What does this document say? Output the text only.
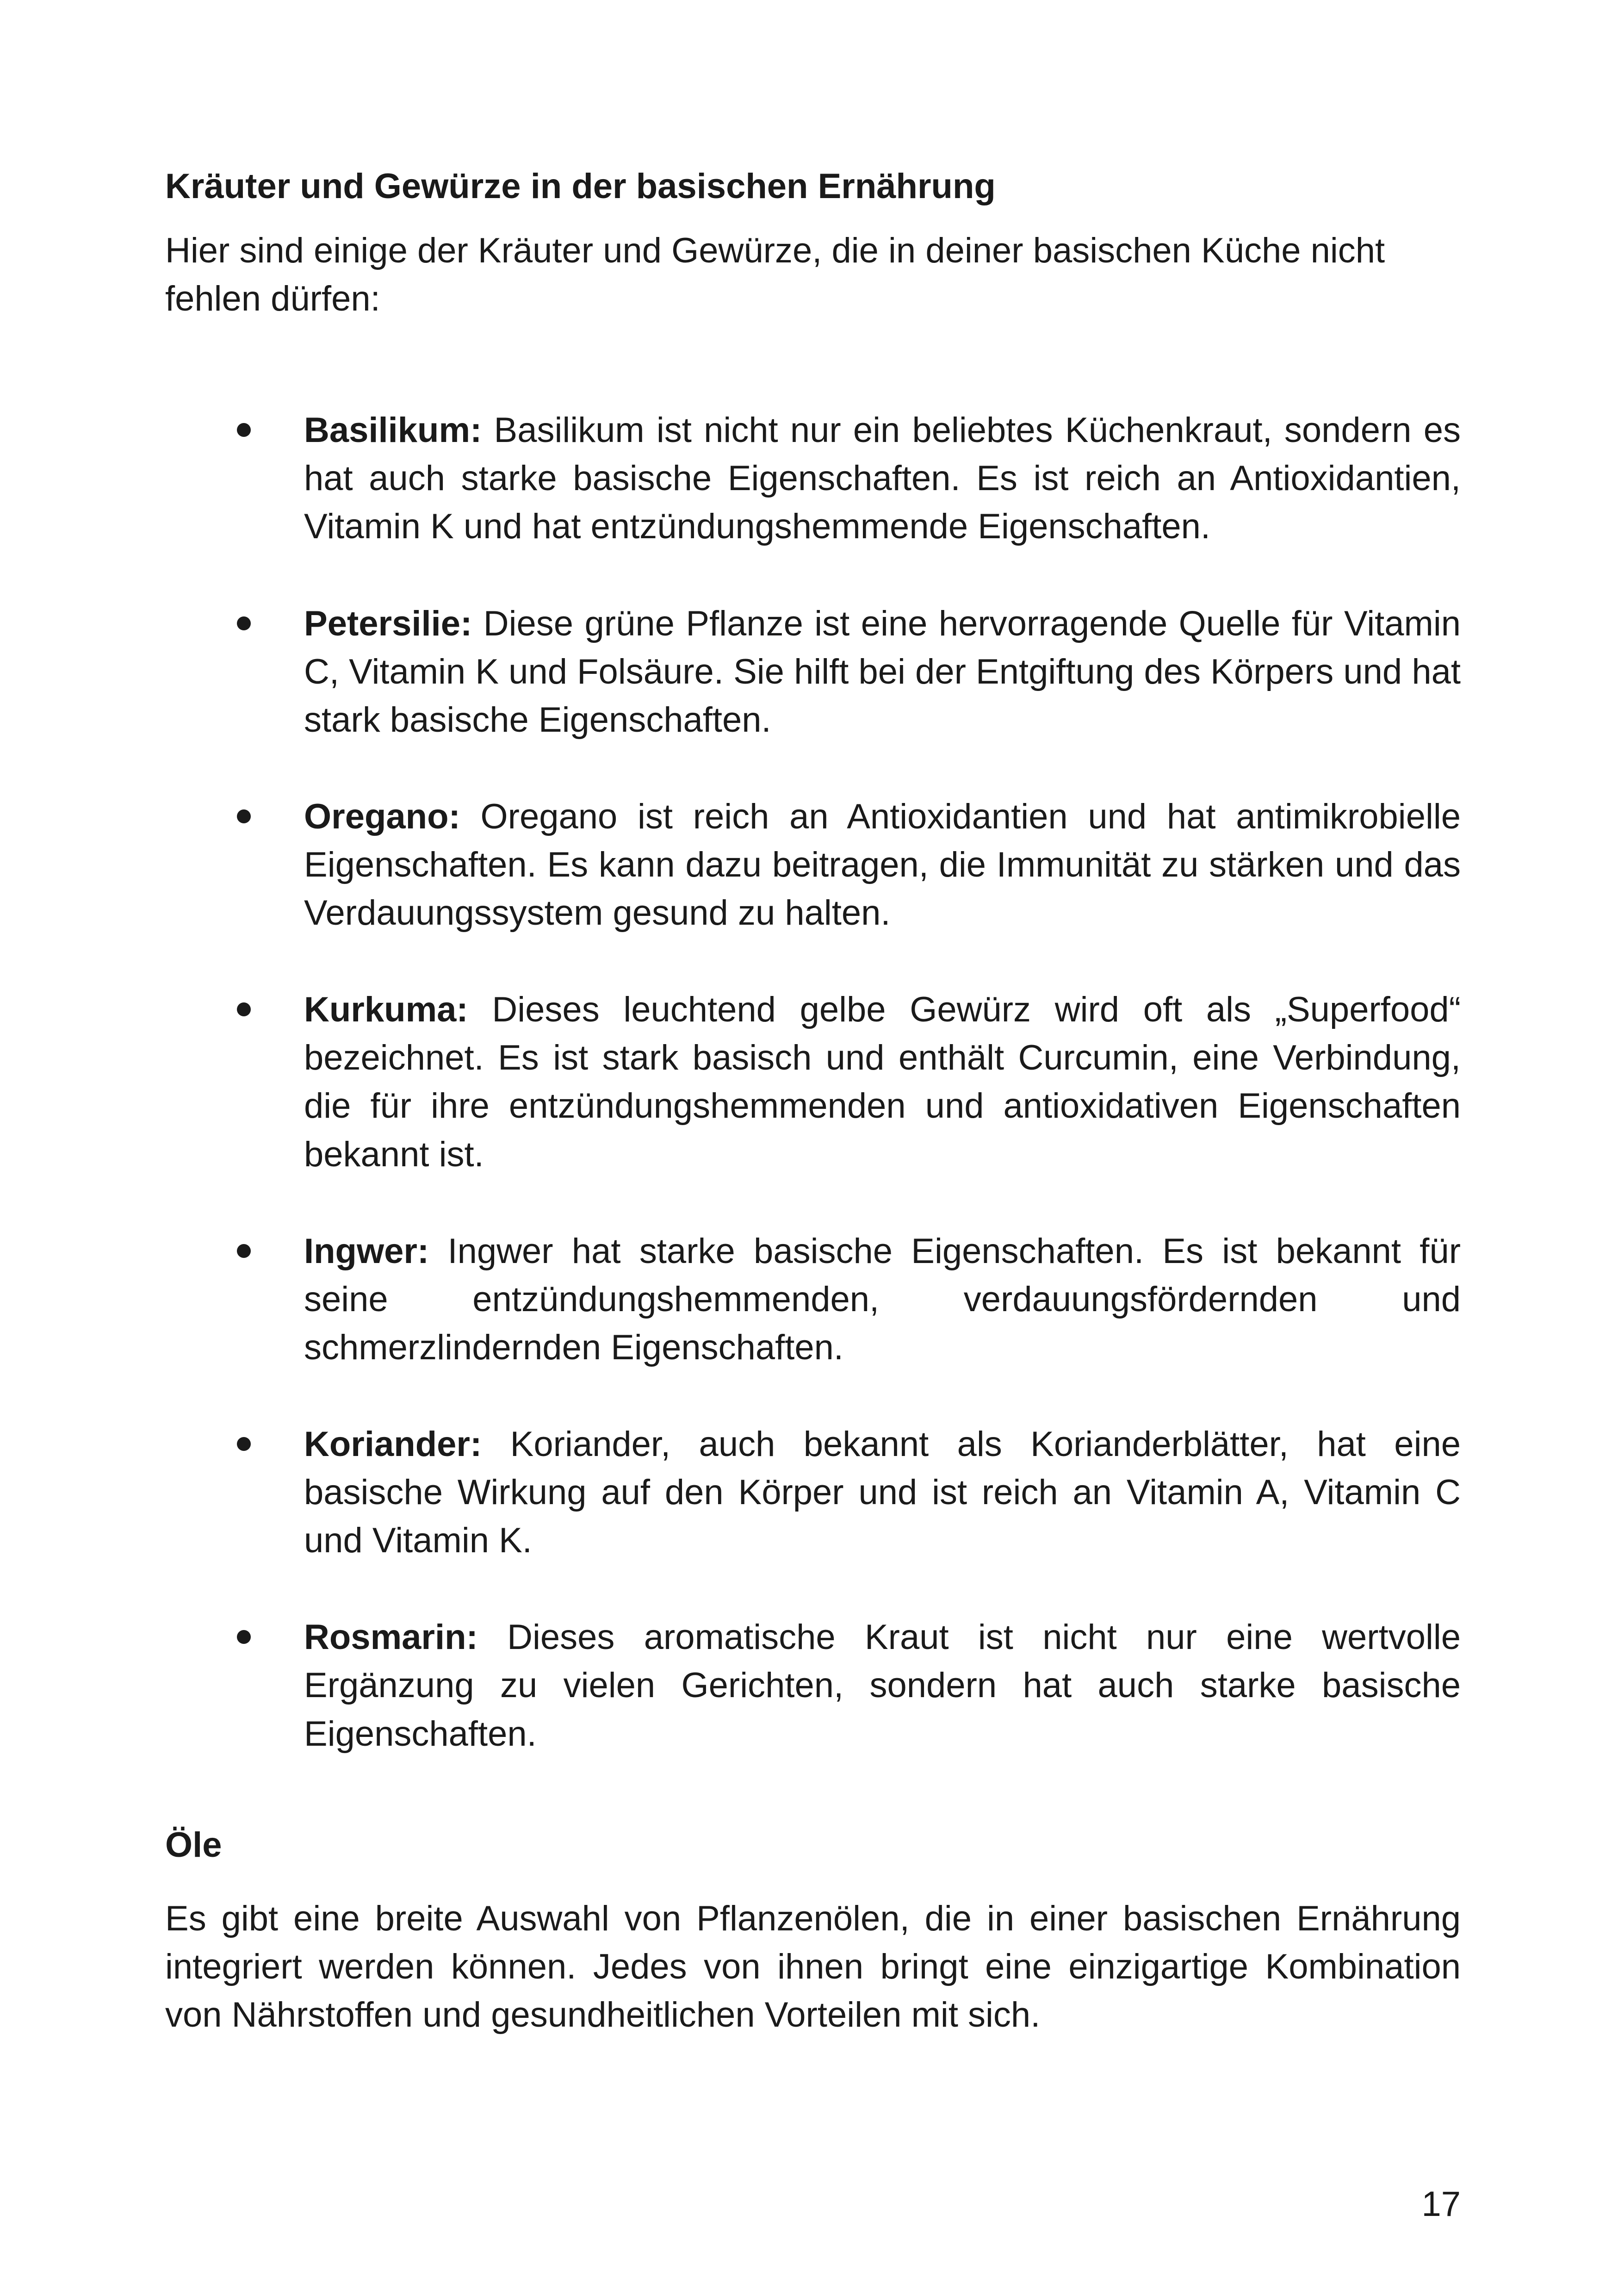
Kräuter und Gewürze in der basischen Ernährung

Hier sind einige der Kräuter und Gewürze, die in deiner basischen Küche nicht fehlen dürfen:

Basilikum: Basilikum ist nicht nur ein beliebtes Küchenkraut, sondern es hat auch starke basische Eigenschaften. Es ist reich an Antioxidantien, Vitamin K und hat entzündungshemmende Eigenschaften.
Petersilie: Diese grüne Pflanze ist eine hervorragende Quelle für Vitamin C, Vitamin K und Folsäure. Sie hilft bei der Entgiftung des Körpers und hat stark basische Eigenschaften.
Oregano: Oregano ist reich an Antioxidantien und hat antimikrobielle Eigenschaften. Es kann dazu beitragen, die Immunität zu stärken und das Verdauungssystem gesund zu halten.
Kurkuma: Dieses leuchtend gelbe Gewürz wird oft als „Superfood“ bezeichnet. Es ist stark basisch und enthält Curcumin, eine Verbindung, die für ihre entzündungshemmenden und antioxidativen Eigenschaften bekannt ist.
Ingwer: Ingwer hat starke basische Eigenschaften. Es ist bekannt für seine entzündungshemmenden, verdauungsfördernden und schmerzlindernden Eigenschaften.
Koriander: Koriander, auch bekannt als Korianderblätter, hat eine basische Wirkung auf den Körper und ist reich an Vitamin A, Vitamin C und Vitamin K.
Rosmarin: Dieses aromatische Kraut ist nicht nur eine wertvolle Ergänzung zu vielen Gerichten, sondern hat auch starke basische Eigenschaften.
Öle

Es gibt eine breite Auswahl von Pflanzenölen, die in einer basischen Ernährung integriert werden können. Jedes von ihnen bringt eine einzigartige Kombination von Nährstoffen und gesundheitlichen Vorteilen mit sich.

17
